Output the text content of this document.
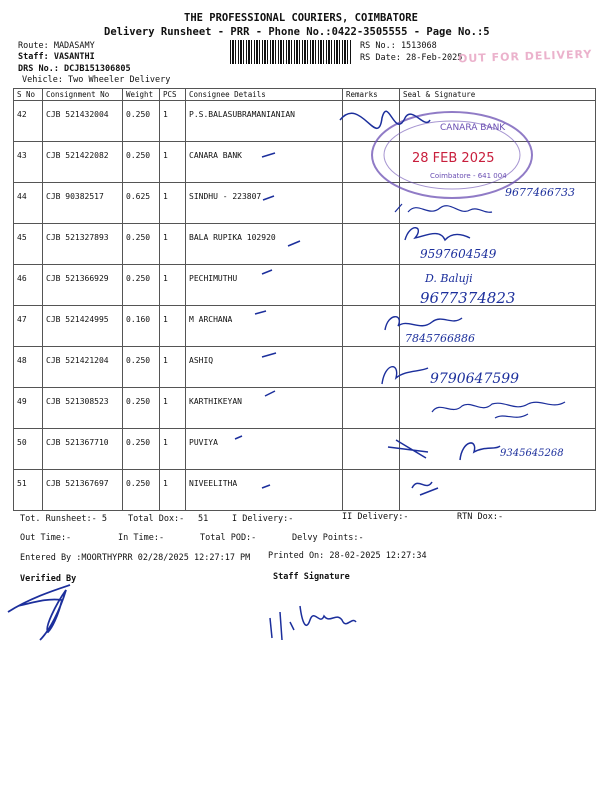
THE PROFESSIONAL COURIERS, COIMBATORE
Delivery Runsheet - PRR - Phone No.:0422-3505555 - Page No.:5
Route: MADASAMY
Staff: VASANTHI
DRS No.: DCJB151306805
Vehicle: Two Wheeler Delivery
RS No.: 1513068
RS Date: 28-Feb-2025
OUT FOR DELIVERY
S No	Consignment No	Weight	PCS	Consignee Details	Remarks	Seal & Signature
42	CJB 521432004	0.250	1	P.S.BALASUBRAMANIANIAN		
43	CJB 521422082	0.250	1	CANARA BANK		
44	CJB 90382517	0.625	1	SINDHU - 223807		
45	CJB 521327893	0.250	1	BALA RUPIKA 102920		
46	CJB 521366929	0.250	1	PECHIMUTHU		
47	CJB 521424995	0.160	1	M ARCHANA		
48	CJB 521421204	0.250	1	ASHIQ		
49	CJB 521308523	0.250	1	KARTHIKEYAN		
50	CJB 521367710	0.250	1	PUVIYA		
51	CJB 521367697	0.250	1	NIVEELITHA		
CANARA BANK
28 FEB 2025
Coimbatore - 641 004
9677466733
9597604549
D. Baluji
9677374823
7845766886
9790647599
9345645268
Tot. Runsheet:- 5 Total Dox:- 51	I Delivery:-	II Delivery:-	RTN Dox:-
Out Time:-	In Time:-	Total POD:-	Delvy Points:-
Entered By :MOORTHYPRR 02/28/2025 12:27:17 PM Printed On: 28-02-2025 12:27:34
Verified By	Staff Signature
